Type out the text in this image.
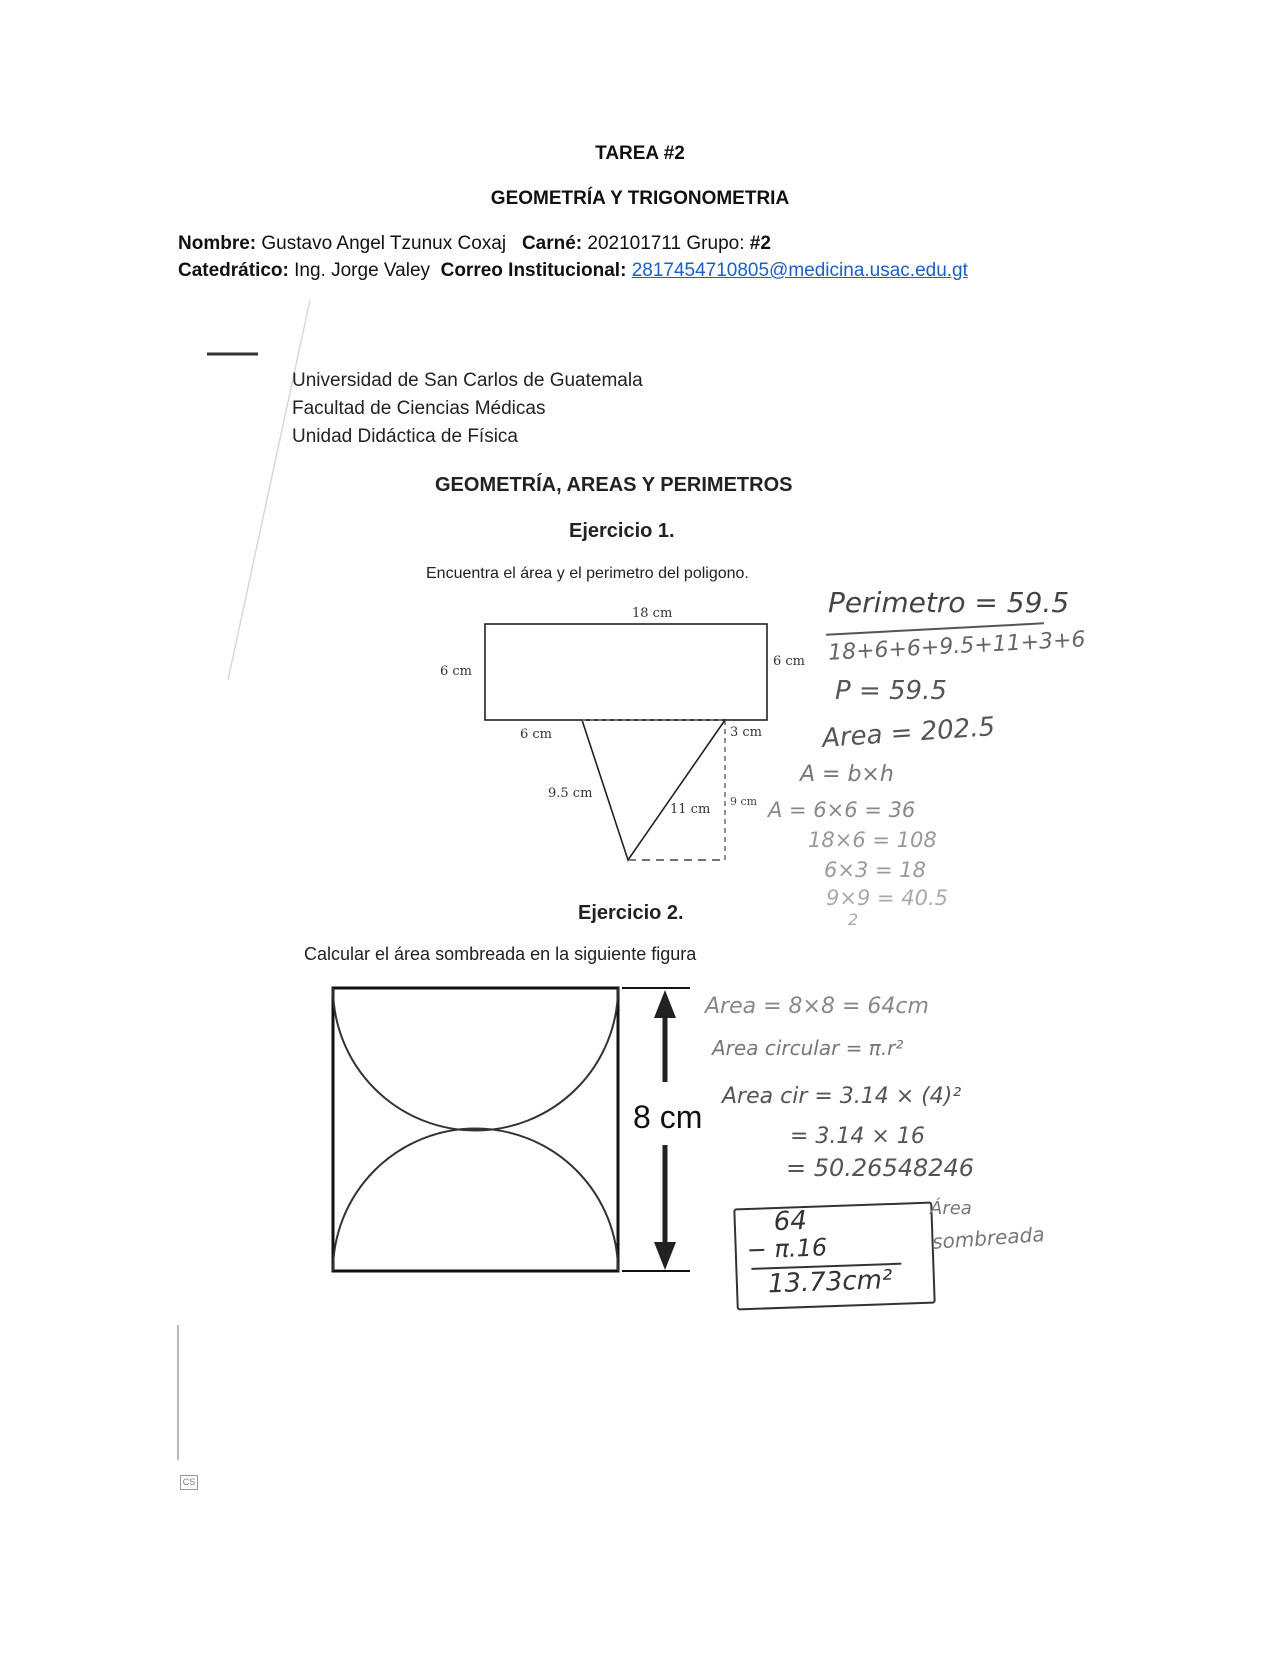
TAREA #2
GEOMETRÍA Y TRIGONOMETRIA
Nombre: Gustavo Angel Tzunux Coxaj Carné: 202101711 Grupo: #2
Catedrático: Ing. Jorge Valey Correo Institucional: 2817454710805@medicina.usac.edu.gt
Universidad de San Carlos de Guatemala
Facultad de Ciencias Médicas
Unidad Didáctica de Física
GEOMETRÍA, AREAS Y PERIMETROS
Ejercicio 1.
Encuentra el área y el perimetro del poligono.
18 cm
6 cm
6 cm
6 cm	3 cm
9.5 cm
11 cm
9 cm
Perimetro = 59.5
18+6+6+9.5+11+3+6
P = 59.5
Area = 202.5
A = b×h
A = 6×6 = 36
18×6 = 108
6×3 = 18
9×9 = 40.5
2
Ejercicio 2.
Calcular el área sombreada en la siguiente figura
8 cm
Area = 8×8 = 64cm
Area circular = π.r²
Area cir = 3.14 × (4)²
= 3.14 × 16
= 50.26548246
64
− π.16
13.73cm²
Área
sombreada
CS
